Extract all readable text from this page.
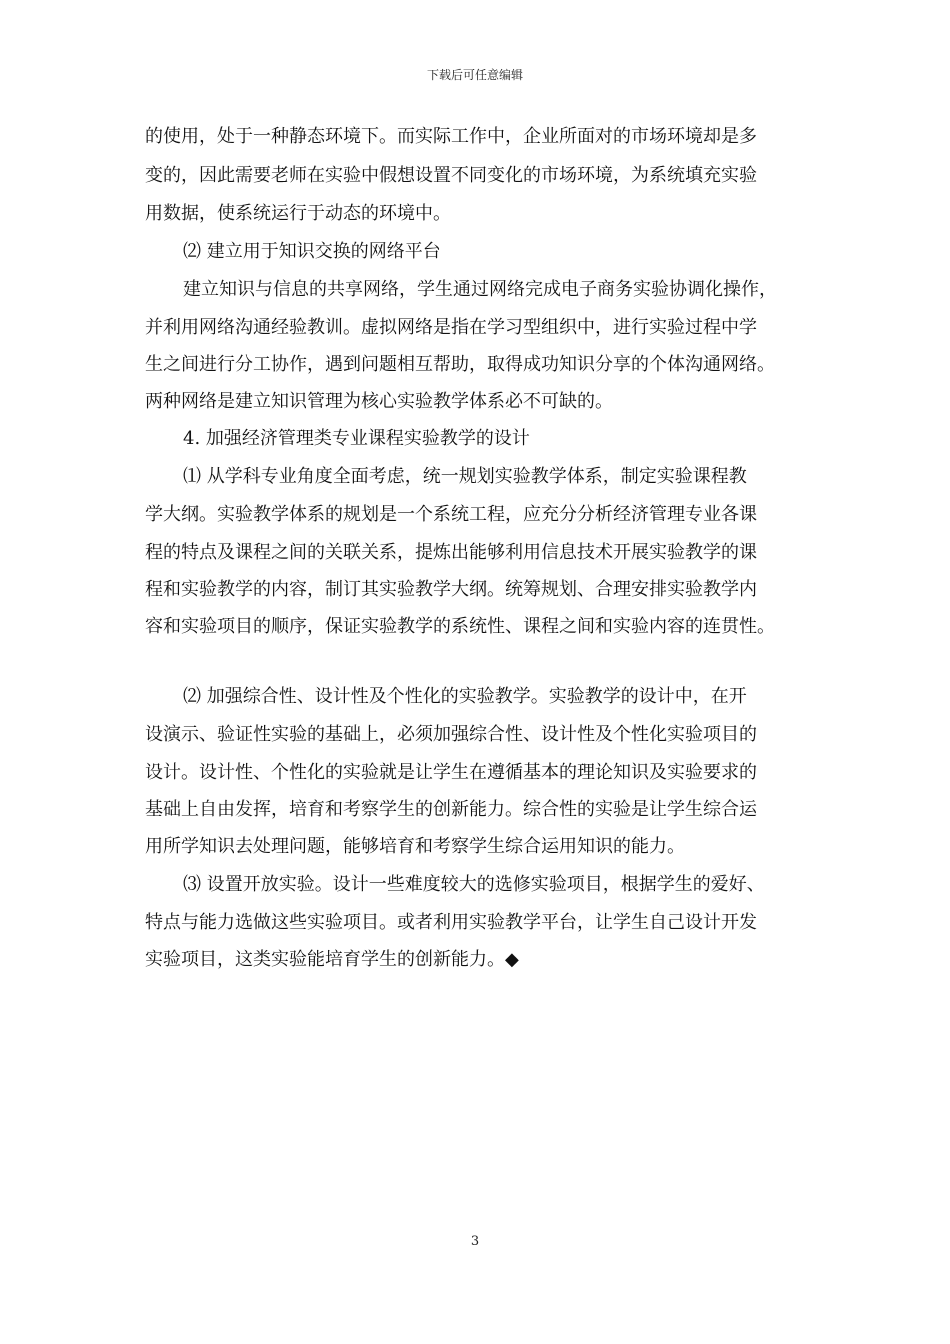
下载后可任意编辑
的使用，处于一种静态环境下。而实际工作中，企业所面对的市场环境却是多
变的，因此需要老师在实验中假想设置不同变化的市场环境，为系统填充实验
用数据，使系统运行于动态的环境中。
⑵ 建立用于知识交换的网络平台
建立知识与信息的共享网络，学生通过网络完成电子商务实验协调化操作，
并利用网络沟通经验教训。虚拟网络是指在学习型组织中，进行实验过程中学
生之间进行分工协作，遇到问题相互帮助，取得成功知识分享的个体沟通网络。
两种网络是建立知识管理为核心实验教学体系必不可缺的。
4. 加强经济管理类专业课程实验教学的设计
⑴ 从学科专业角度全面考虑，统一规划实验教学体系，制定实验课程教
学大纲。实验教学体系的规划是一个系统工程，应充分分析经济管理专业各课
程的特点及课程之间的关联关系，提炼出能够利用信息技术开展实验教学的课
程和实验教学的内容，制订其实验教学大纲。统筹规划、合理安排实验教学内
容和实验项目的顺序，保证实验教学的系统性、课程之间和实验内容的连贯性。
⑵ 加强综合性、设计性及个性化的实验教学。实验教学的设计中，在开
设演示、验证性实验的基础上，必须加强综合性、设计性及个性化实验项目的
设计。设计性、个性化的实验就是让学生在遵循基本的理论知识及实验要求的
基础上自由发挥，培育和考察学生的创新能力。综合性的实验是让学生综合运
用所学知识去处理问题，能够培育和考察学生综合运用知识的能力。
⑶ 设置开放实验。设计一些难度较大的选修实验项目，根据学生的爱好、
特点与能力选做这些实验项目。或者利用实验教学平台，让学生自己设计开发
实验项目，这类实验能培育学生的创新能力。◆
3
